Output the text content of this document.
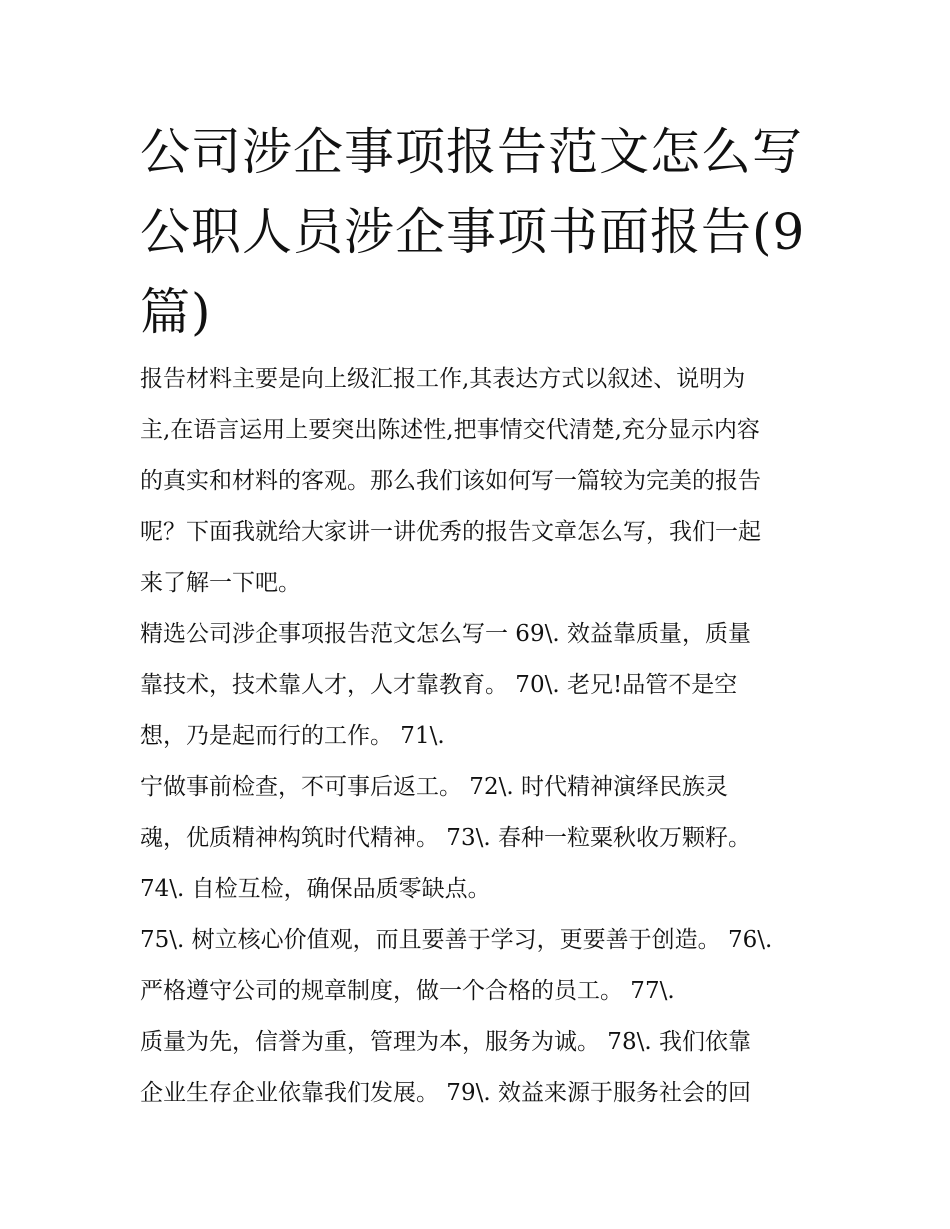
公司涉企事项报告范文怎么写
公职人员涉企事项书面报告(9
篇)
报告材料主要是向上级汇报工作,其表达方式以叙述、说明为
主,在语言运用上要突出陈述性,把事情交代清楚,充分显示内容
的真实和材料的客观。那么我们该如何写一篇较为完美的报告
呢？下面我就给大家讲一讲优秀的报告文章怎么写，我们一起
来了解一下吧。
精选公司涉企事项报告范文怎么写一 69\. 效益靠质量，质量
靠技术，技术靠人才，人才靠教育。 70\. 老兄!品管不是空
想，乃是起而行的工作。 71\.
宁做事前检查，不可事后返工。 72\. 时代精神演绎民族灵
魂，优质精神构筑时代精神。 73\. 春种一粒粟秋收万颗籽。
74\. 自检互检，确保品质零缺点。
75\. 树立核心价值观，而且要善于学习，更要善于创造。 76\.
严格遵守公司的规章制度，做一个合格的员工。 77\.
质量为先，信誉为重，管理为本，服务为诚。 78\. 我们依靠
企业生存企业依靠我们发展。 79\. 效益来源于服务社会的回
